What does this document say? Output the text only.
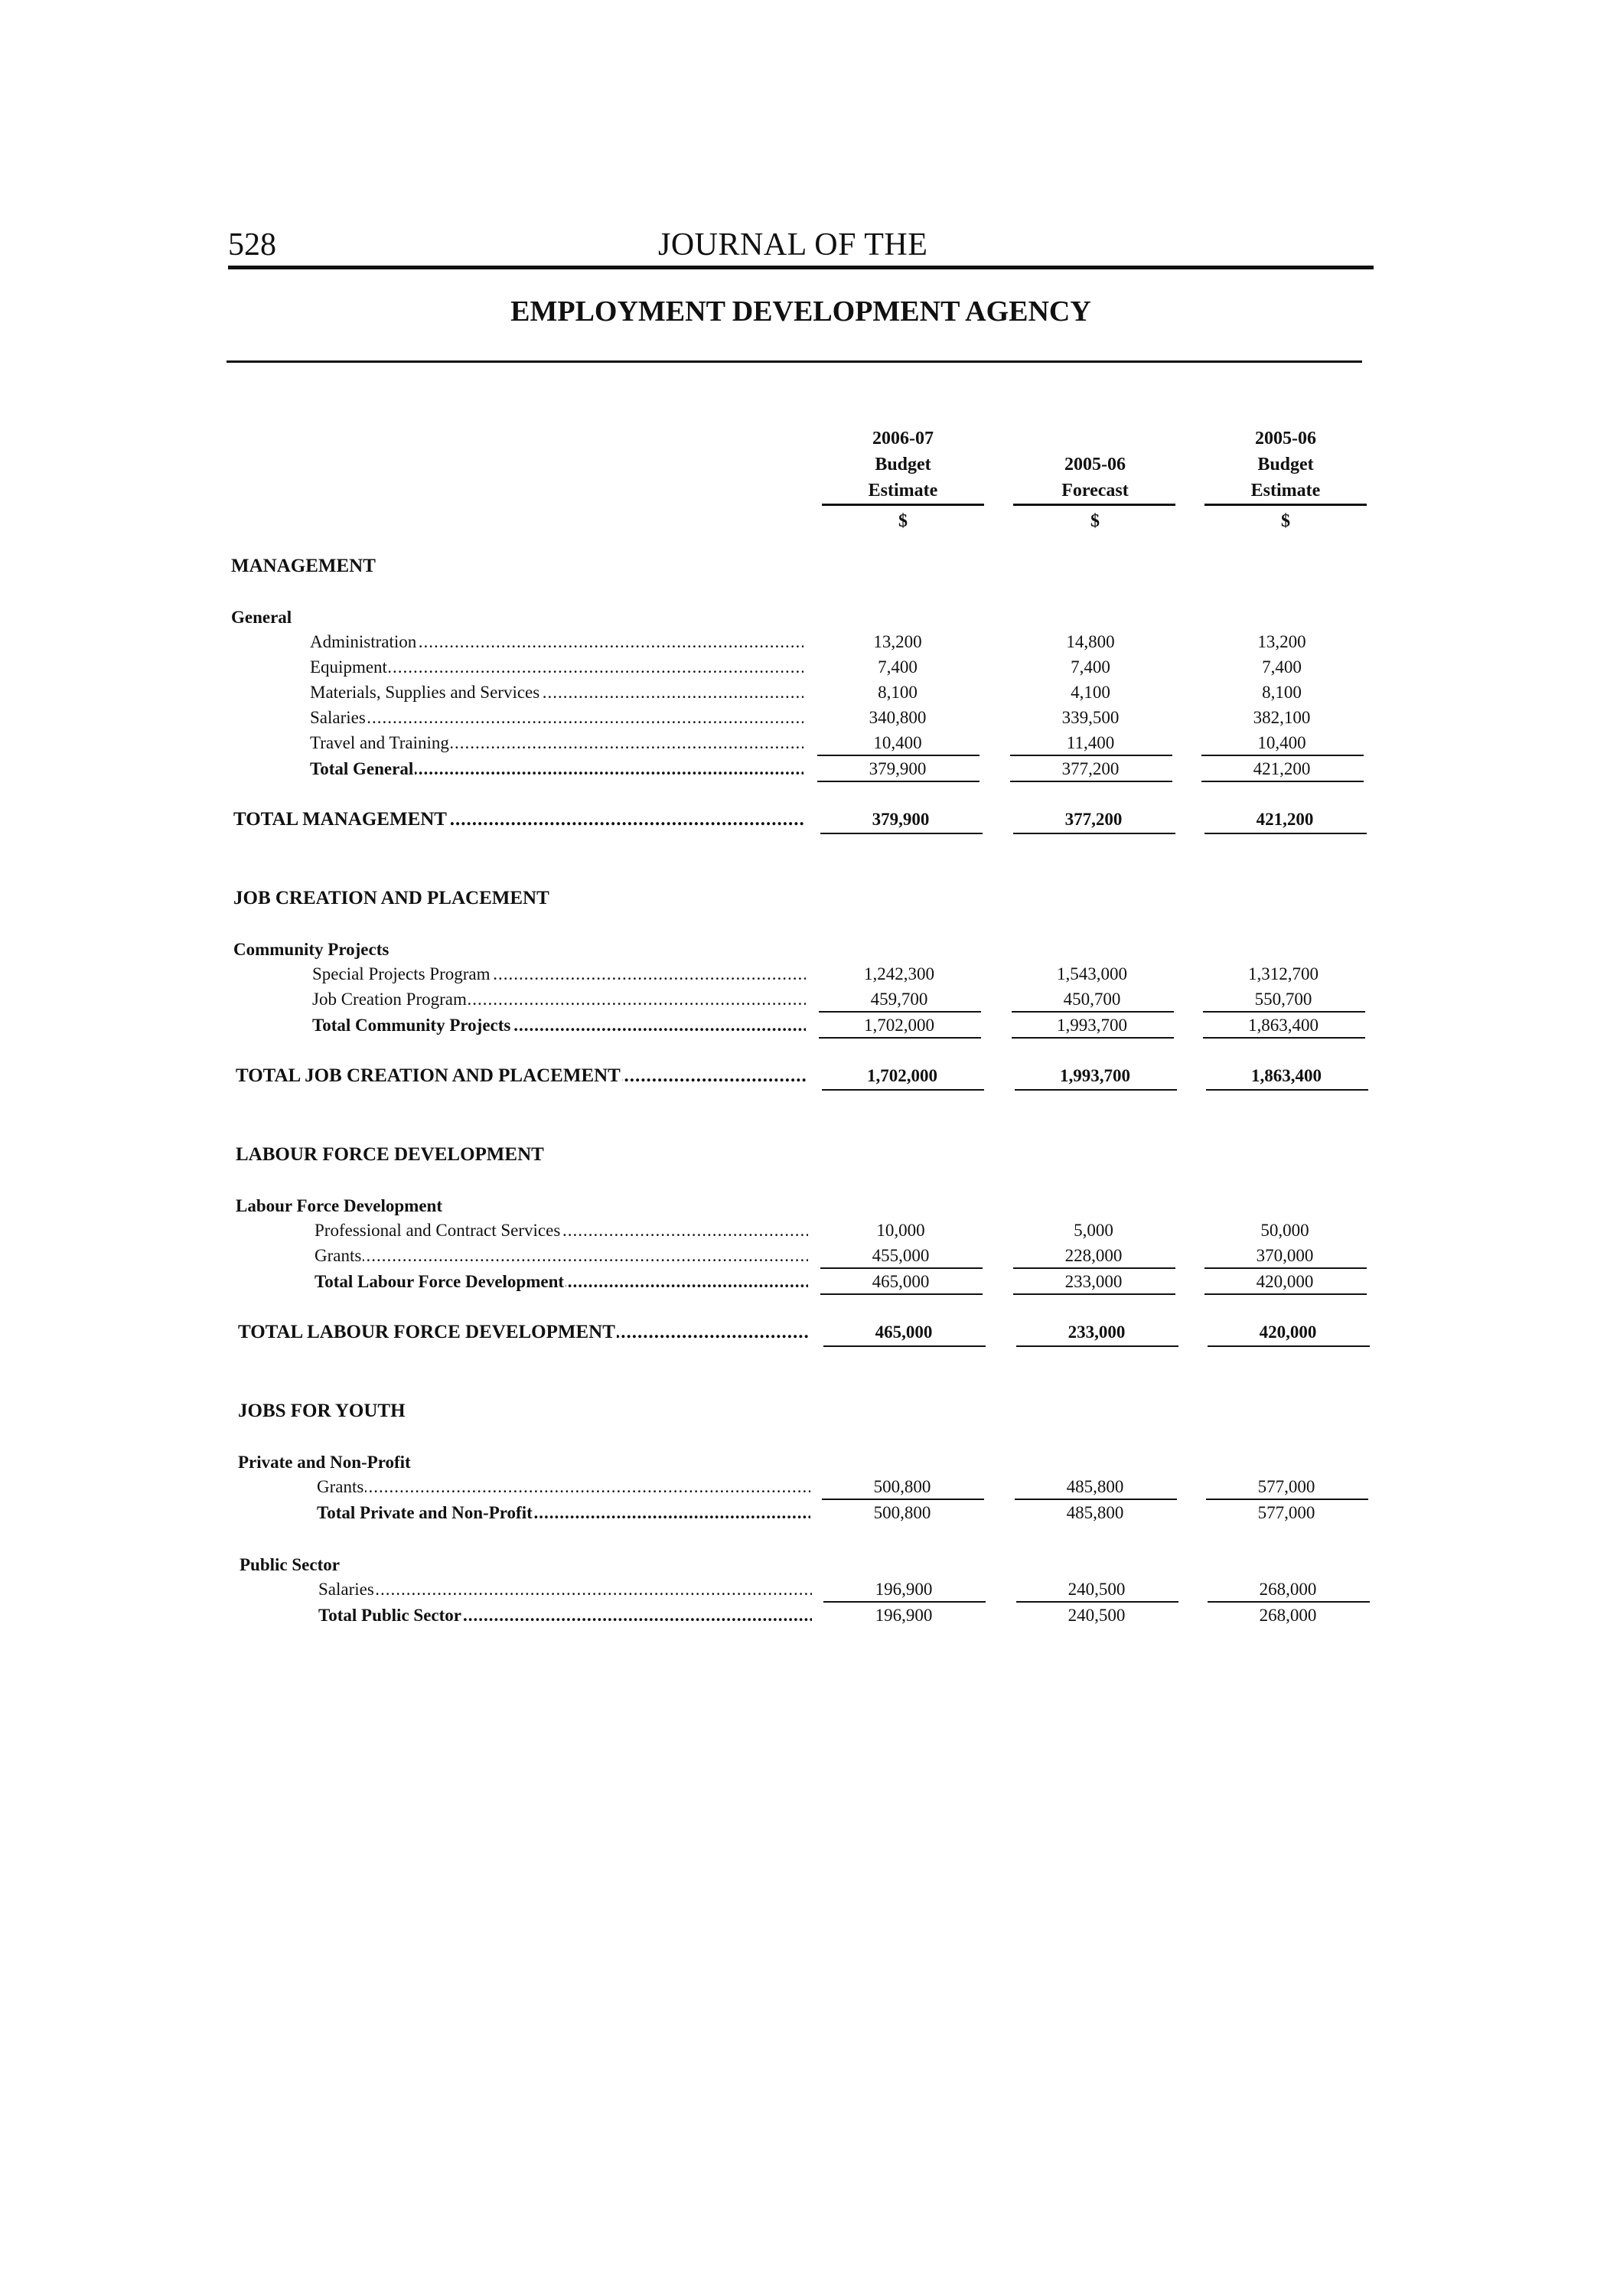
528	JOURNAL OF THE
EMPLOYMENT DEVELOPMENT AGENCY
2006-07
Budget
Estimate
$
2005-06
Forecast
$
2005-06
Budget
Estimate
$
MANAGEMENT
General
Administration .....	13,200	14,800	13,200
Equipment .....	7,400	7,400	7,400
Materials, Supplies and Services .....	8,100	4,100	8,100
Salaries .....	340,800	339,500	382,100
Travel and Training .....	10,400	11,400	10,400
Total General .....	379,900	377,200	421,200
TOTAL MANAGEMENT .....	379,900	377,200	421,200
JOB CREATION AND PLACEMENT
Community Projects
Special Projects Program .....	1,242,300	1,543,000	1,312,700
Job Creation Program .....	459,700	450,700	550,700
Total Community Projects .....	1,702,000	1,993,700	1,863,400
TOTAL JOB CREATION AND PLACEMENT .....	1,702,000	1,993,700	1,863,400
LABOUR FORCE DEVELOPMENT
Labour Force Development
Professional and Contract Services .....	10,000	5,000	50,000
Grants .....	455,000	228,000	370,000
Total Labour Force Development .....	465,000	233,000	420,000
TOTAL LABOUR FORCE DEVELOPMENT .....	465,000	233,000	420,000
JOBS FOR YOUTH
Private and Non-Profit
Grants .....	500,800	485,800	577,000
Total Private and Non-Profit .....	500,800	485,800	577,000
Public Sector
Salaries .....	196,900	240,500	268,000
Total Public Sector .....	196,900	240,500	268,000
